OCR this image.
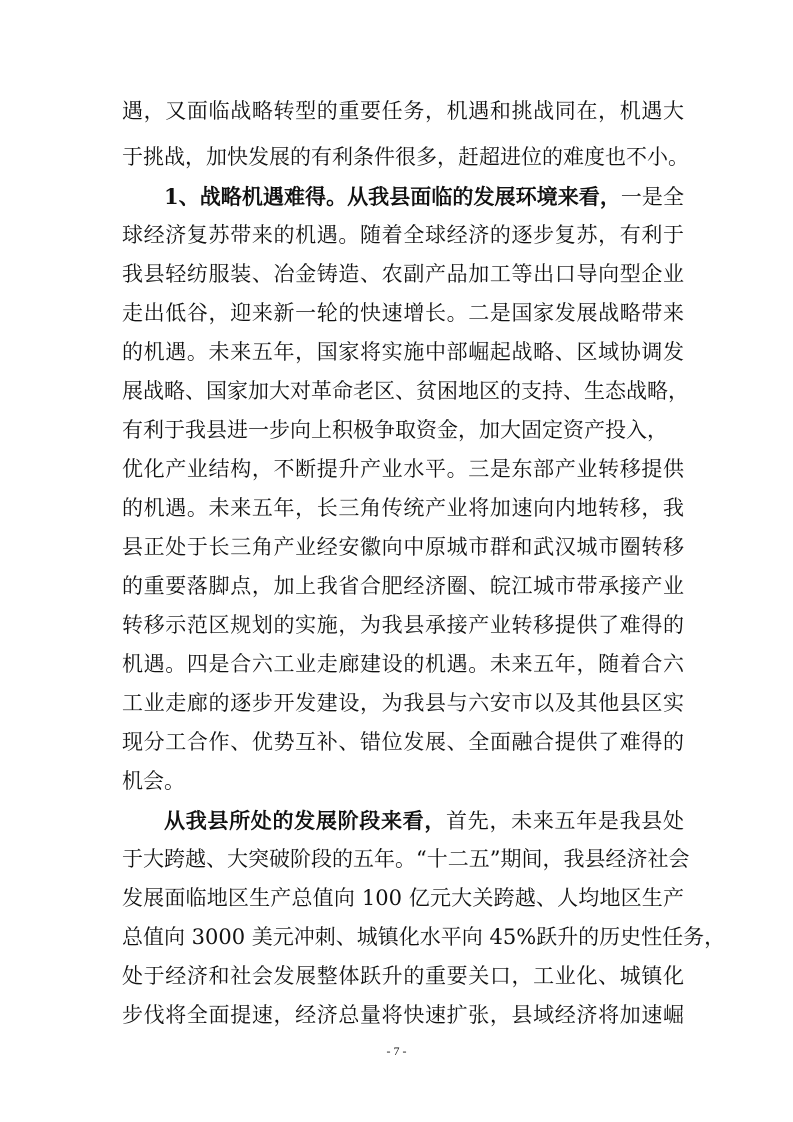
遇，又面临战略转型的重要任务，机遇和挑战同在，机遇大
于挑战，加快发展的有利条件很多，赶超进位的难度也不小。
1、战略机遇难得。从我县面临的发展环境来看，一是全
球经济复苏带来的机遇。随着全球经济的逐步复苏，有利于
我县轻纺服装、冶金铸造、农副产品加工等出口导向型企业
走出低谷，迎来新一轮的快速增长。二是国家发展战略带来
的机遇。未来五年，国家将实施中部崛起战略、区域协调发
展战略、国家加大对革命老区、贫困地区的支持、生态战略，
有利于我县进一步向上积极争取资金，加大固定资产投入，
优化产业结构，不断提升产业水平。三是东部产业转移提供
的机遇。未来五年，长三角传统产业将加速向内地转移，我
县正处于长三角产业经安徽向中原城市群和武汉城市圈转移
的重要落脚点，加上我省合肥经济圈、皖江城市带承接产业
转移示范区规划的实施，为我县承接产业转移提供了难得的
机遇。四是合六工业走廊建设的机遇。未来五年，随着合六
工业走廊的逐步开发建设，为我县与六安市以及其他县区实
现分工合作、优势互补、错位发展、全面融合提供了难得的
机会。
从我县所处的发展阶段来看，首先，未来五年是我县处
于大跨越、大突破阶段的五年。“十二五”期间，我县经济社会
发展面临地区生产总值向 100 亿元大关跨越、人均地区生产
总值向 3000 美元冲刺、城镇化水平向 45%跃升的历史性任务，
处于经济和社会发展整体跃升的重要关口，工业化、城镇化
步伐将全面提速，经济总量将快速扩张，县域经济将加速崛
- 7 -
